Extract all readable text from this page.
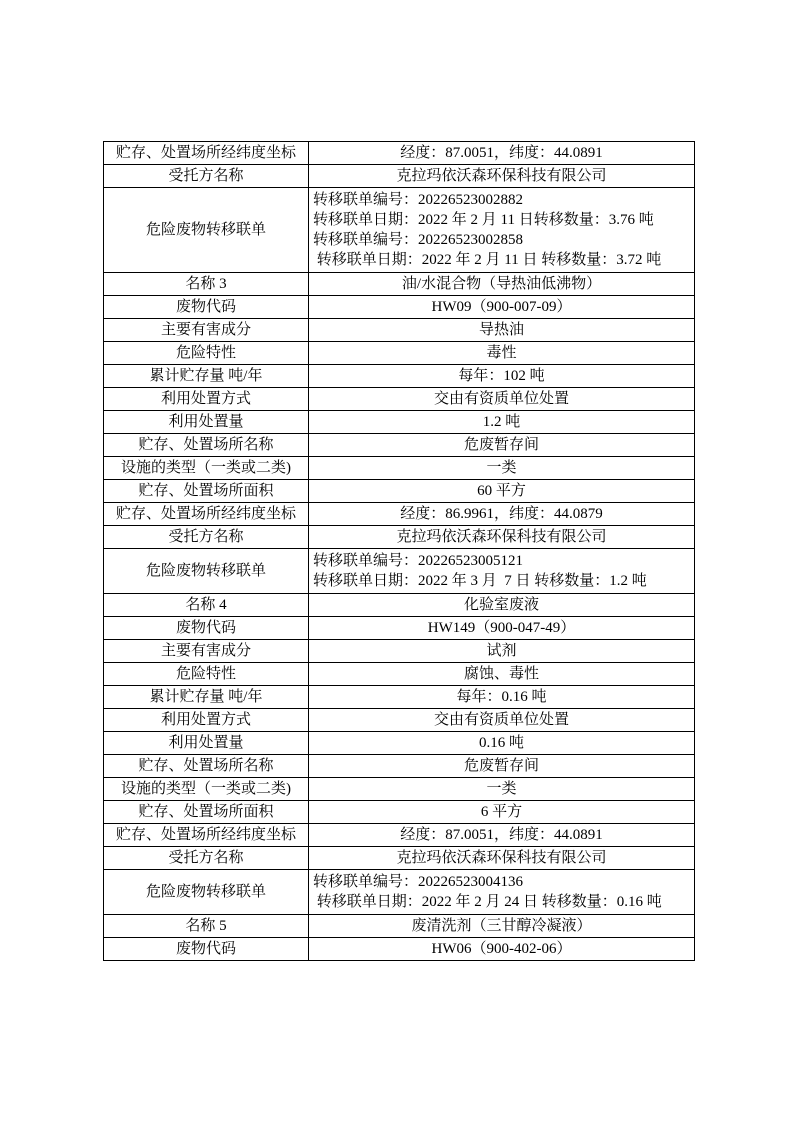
贮存、处置场所经纬度坐标	经度：87.0051，纬度：44.0891
受托方名称	克拉玛依沃森环保科技有限公司
危险废物转移联单	转移联单编号：20226523002882
转移联单日期：2022 年 2 月 11 日转移数量：3.76 吨
转移联单编号：20226523002858
转移联单日期：2022 年 2 月 11 日 转移数量：3.72 吨

名称 3	油/水混合物（导热油低沸物）
废物代码	HW09（900-007-09）
主要有害成分	导热油
危险特性	毒性
累计贮存量 吨/年	每年：102 吨
利用处置方式	交由有资质单位处置
利用处置量	1.2 吨
贮存、处置场所名称	危废暂存间
设施的类型（一类或二类)	一类
贮存、处置场所面积	60 平方
贮存、处置场所经纬度坐标	经度：86.9961，纬度：44.0879
受托方名称	克拉玛依沃森环保科技有限公司
危险废物转移联单	转移联单编号：20226523005121
转移联单日期：2022 年 3 月  7 日 转移数量：1.2 吨

名称 4	化验室废液
废物代码	HW149（900-047-49）
主要有害成分	试剂
危险特性	腐蚀、毒性
累计贮存量 吨/年	每年：0.16 吨
利用处置方式	交由有资质单位处置
利用处置量	0.16 吨
贮存、处置场所名称	危废暂存间
设施的类型（一类或二类)	一类
贮存、处置场所面积	6 平方
贮存、处置场所经纬度坐标	经度：87.0051，纬度：44.0891
受托方名称	克拉玛依沃森环保科技有限公司
危险废物转移联单	转移联单编号：20226523004136
转移联单日期：2022 年 2 月 24 日 转移数量：0.16 吨

名称 5	废清洗剂（三甘醇冷凝液）
废物代码	HW06（900-402-06）
